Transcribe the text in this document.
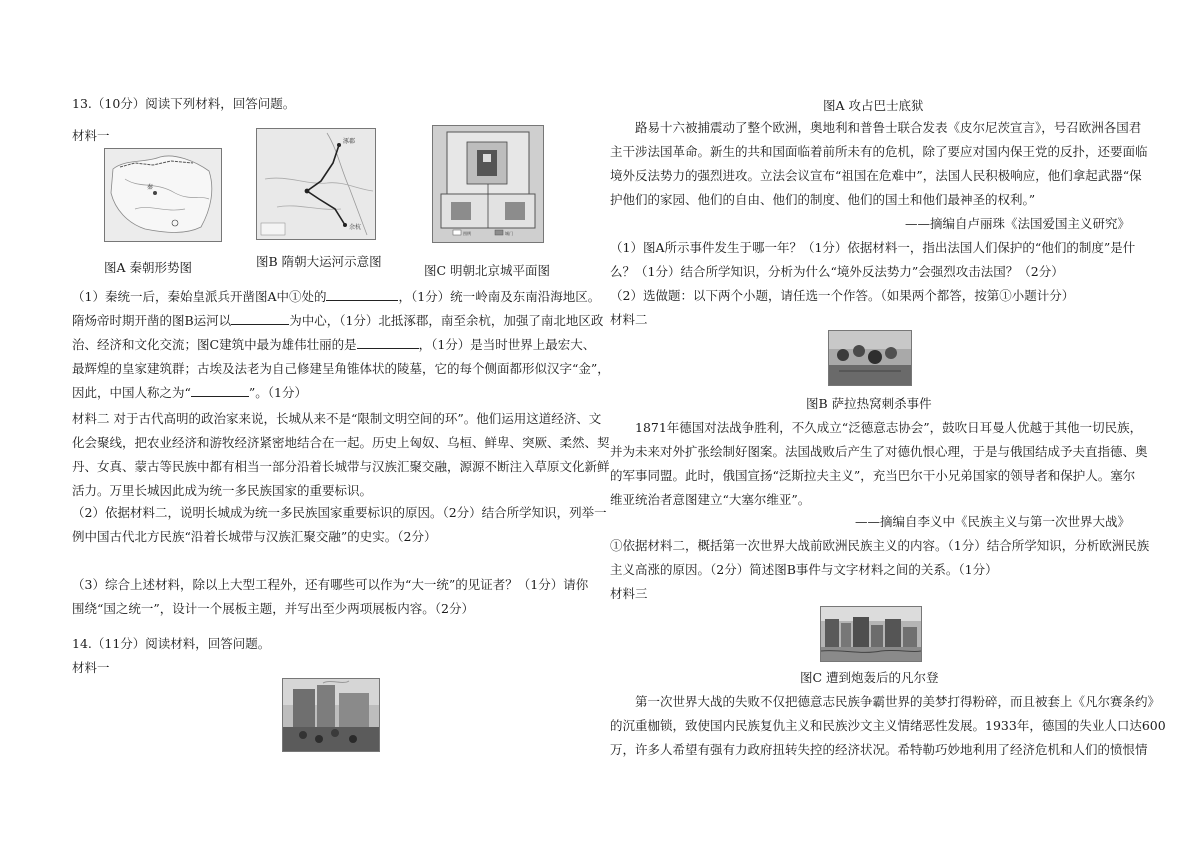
13.（10分）阅读下列材料，回答问题。
材料一
秦
涿郡
余杭
图例	城门
图A 秦朝形势图	图B 隋朝大运河示意图
图C 明朝北京城平面图
（1）秦统一后，秦始皇派兵开凿图A中①处的	，（1分）统一岭南及东南沿海地区。
隋炀帝时期开凿的图B运河以	为中心，（1分）北抵涿郡，南至余杭，加强了南北地区政
治、经济和文化交流；图C建筑中最为雄伟壮丽的是	，（1分）是当时世界上最宏大、
最辉煌的皇家建筑群；古埃及法老为自己修建呈角锥体状的陵墓，它的每个侧面都形似汉字“金”，
因此，中国人称之为“	”。（1分）
材料二 对于古代高明的政治家来说，长城从来不是“限制文明空间的环”。他们运用这道经济、文
化会聚线，把农业经济和游牧经济紧密地结合在一起。历史上匈奴、乌桓、鲜卑、突厥、柔然、契
丹、女真、蒙古等民族中都有相当一部分沿着长城带与汉族汇聚交融，源源不断注入草原文化新鲜
活力。万里长城因此成为统一多民族国家的重要标识。
（2）依据材料二，说明长城成为统一多民族国家重要标识的原因。（2分）结合所学知识，列举一
例中国古代北方民族“沿着长城带与汉族汇聚交融”的史实。（2分）
（3）综合上述材料，除以上大型工程外，还有哪些可以作为“大一统”的见证者？（1分）请你
围绕“国之统一”，设计一个展板主题，并写出至少两项展板内容。（2分）
14.（11分）阅读材料，回答问题。
材料一
图A 攻占巴士底狱
路易十六被捕震动了整个欧洲，奥地利和普鲁士联合发表《皮尔尼茨宣言》，号召欧洲各国君
主干涉法国革命。新生的共和国面临着前所未有的危机，除了要应对国内保王党的反扑，还要面临
境外反法势力的强烈进攻。立法会议宣布“祖国在危难中”，法国人民积极响应，他们拿起武器“保
护他们的家园、他们的自由、他们的制度、他们的国土和他们最神圣的权利。”
——摘编自卢丽珠《法国爱国主义研究》
（1）图A所示事件发生于哪一年？（1分）依据材料一，指出法国人们保护的“他们的制度”是什
么？（1分）结合所学知识，分析为什么“境外反法势力”会强烈攻击法国？（2分）
（2）选做题：以下两个小题，请任选一个作答。（如果两个都答，按第①小题计分）
材料二
图B 萨拉热窝刺杀事件
1871年德国对法战争胜利，不久成立“泛德意志协会”，鼓吹日耳曼人优越于其他一切民族，
并为未来对外扩张绘制好图案。法国战败后产生了对德仇恨心理，于是与俄国结成予夫直指德、奥
的军事同盟。此时，俄国宣扬“泛斯拉夫主义”，充当巴尔干小兄弟国家的领导者和保护人。塞尔
维亚统治者意图建立“大塞尔维亚”。
——摘编自李义中《民族主义与第一次世界大战》
①依据材料二，概括第一次世界大战前欧洲民族主义的内容。（1分）结合所学知识，分析欧洲民族
主义高涨的原因。（2分）简述图B事件与文字材料之间的关系。（1分）
材料三
图C 遭到炮轰后的凡尔登
第一次世界大战的失败不仅把德意志民族争霸世界的美梦打得粉碎，而且被套上《凡尔赛条约》
的沉重枷锁，致使国内民族复仇主义和民族沙文主义情绪恶性发展。1933年，德国的失业人口达600
万，许多人希望有强有力政府扭转失控的经济状况。希特勒巧妙地利用了经济危机和人们的愤恨情
